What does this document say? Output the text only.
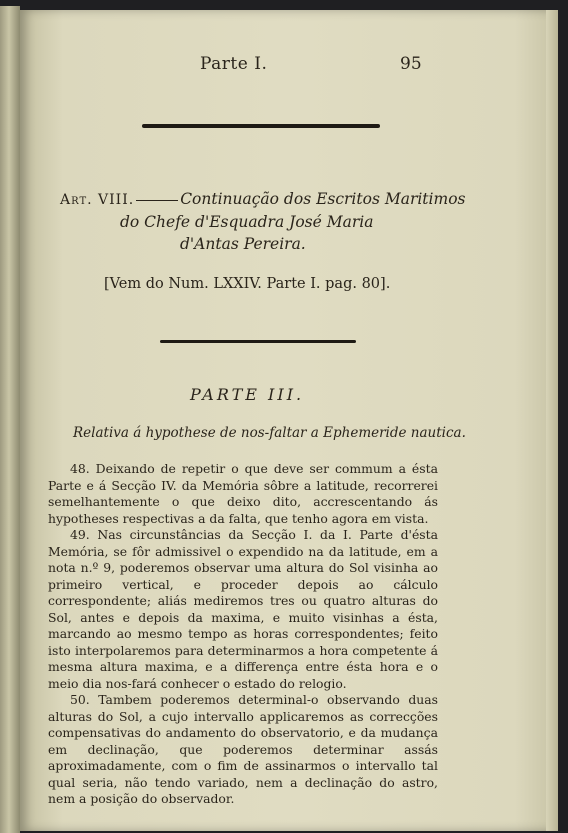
Parte I.	95
Art. VIII.	Continuação dos Escritos Maritimos
do Chefe d'Esquadra José Maria
d'Antas Pereira.
[Vem do Num. LXXIV. Parte I. pag. 80].
PARTE III.
Relativa á hypothese de nos-faltar a Ephemeride nautica.

48. Deixando de repetir o que deve ser commum a ésta Parte e á Secção IV. da Memória sôbre a latitude, recorrerei semelhantemente o que deixo dito, accrescentando ás hypotheses respectivas a da falta, que tenho agora em vista.

49. Nas circunstâncias da Secção I. da I. Parte d'ésta Memória, se fôr admissivel o expendido na da latitude, em a nota n.º 9, poderemos observar uma altura do Sol visinha ao primeiro vertical, e proceder depois ao cálculo correspondente; aliás mediremos tres ou quatro alturas do Sol, antes e depois da maxima, e muito visinhas a ésta, marcando ao mesmo tempo as horas correspondentes; feito isto interpolaremos para determinarmos a hora competente á mesma altura maxima, e a differença entre ésta hora e o meio dia nos-fará conhecer o estado do relogio.

50. Tambem poderemos determinal-o observando duas alturas do Sol, a cujo intervallo applicaremos as correcções compensativas do andamento do observatorio, e da mudança em declinação, que poderemos determinar assás aproximadamente, com o fim de assinarmos o intervallo tal qual seria, não tendo variado, nem a declinação do astro, nem a posição do observador.
